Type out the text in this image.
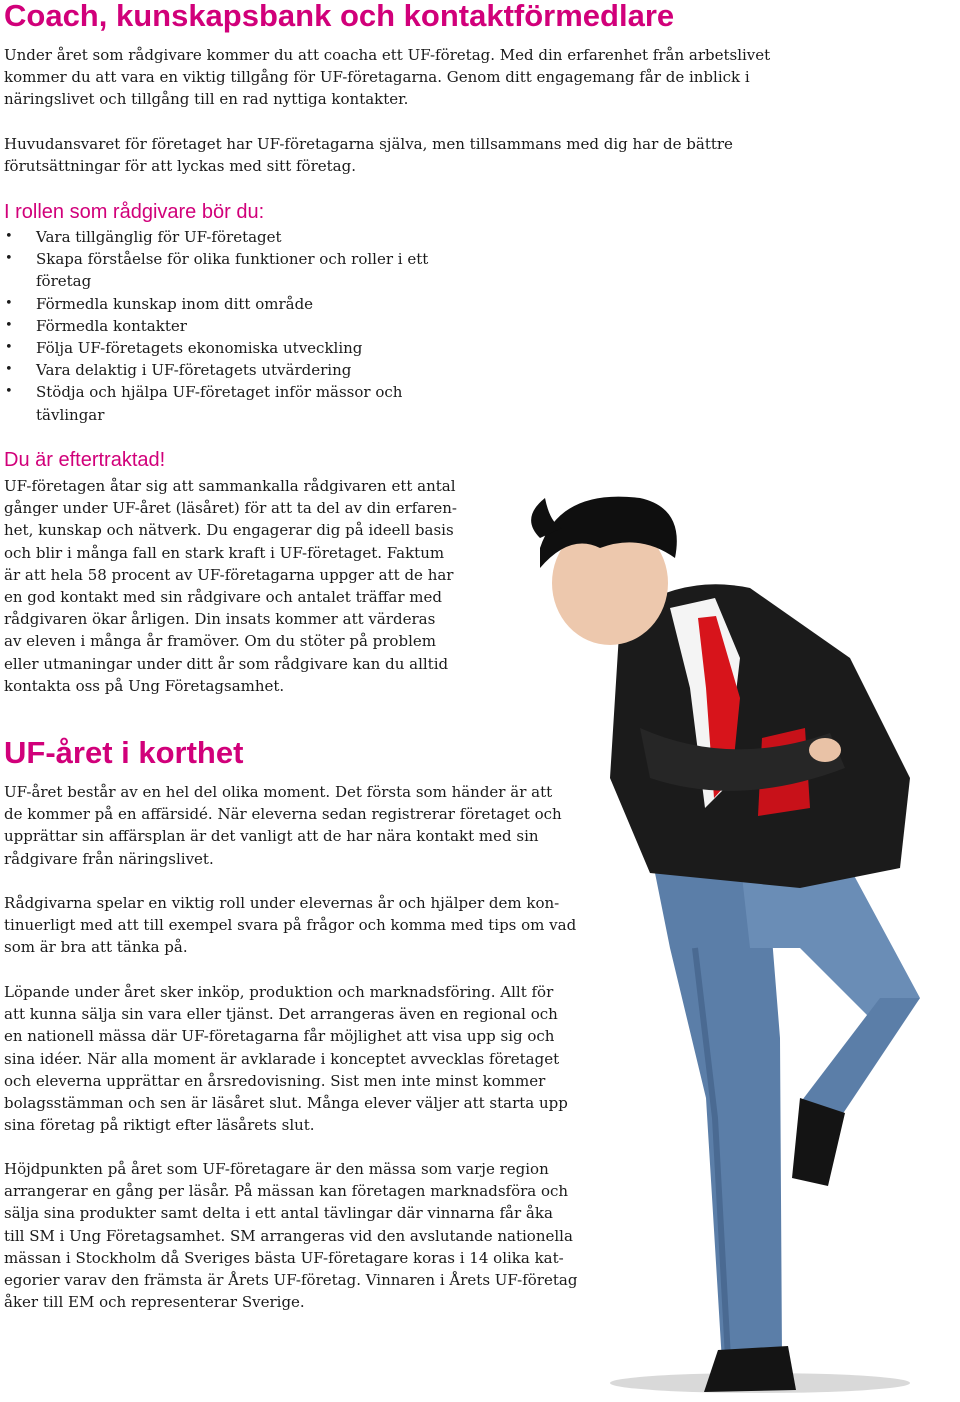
Coach, kunskapsbank och kontaktförmedlare
Under året som rådgivare kommer du att coacha ett UF-företag. Med din erfarenhet från arbetslivet
kommer du att vara en viktig tillgång för UF-företagarna. Genom ditt engagemang får de inblick i
näringslivet och tillgång till en rad nyttiga kontakter.
Huvudansvaret för företaget har UF-företagarna själva, men tillsammans med dig har de bättre
förutsättningar för att lyckas med sitt företag.
I rollen som rådgivare bör du:
• Vara tillgänglig för UF-företaget
• Skapa förståelse för olika funktioner och roller i ett företag
• Förmedla kunskap inom ditt område
• Förmedla kontakter
• Följa UF-företagets ekonomiska utveckling
• Vara delaktig i UF-företagets utvärdering
• Stödja och hjälpa UF-företaget inför mässor och tävlingar
Du är eftertraktad!
UF-företagen åtar sig att sammankalla rådgivaren ett antal
gånger under UF-året (läsåret) för att ta del av din erfaren-
het, kunskap och nätverk. Du engagerar dig på ideell basis
och blir i många fall en stark kraft i UF-företaget. Faktum
är att hela 58 procent av UF-företagarna uppger att de har
en god kontakt med sin rådgivare och antalet träffar med
rådgivaren ökar årligen. Din insats kommer att värderas
av eleven i många år framöver. Om du stöter på problem
eller utmaningar under ditt år som rådgivare kan du alltid
kontakta oss på Ung Företagsamhet.
UF-året i korthet
UF-året består av en hel del olika moment. Det första som händer är att
de kommer på en affärsidé. När eleverna sedan registrerar företaget och
upprättar sin affärsplan är det vanligt att de har nära kontakt med sin
rådgivare från näringslivet.
Rådgivarna spelar en viktig roll under elevernas år och hjälper dem kon-
tinuerligt med att till exempel svara på frågor och komma med tips om vad
som är bra att tänka på.
Löpande under året sker inköp, produktion och marknadsföring. Allt för
att kunna sälja sin vara eller tjänst. Det arrangeras även en regional och
en nationell mässa där UF-företagarna får möjlighet att visa upp sig och
sina idéer. När alla moment är avklarade i konceptet avvecklas företaget
och eleverna upprättar en årsredovisning. Sist men inte minst kommer
bolagsstämman och sen är läsåret slut. Många elever väljer att starta upp
sina företag på riktigt efter läsårets slut.
Höjdpunkten på året som UF-företagare är den mässa som varje region
arrangerar en gång per läsår. På mässan kan företagen marknadsföra och
sälja sina produkter samt delta i ett antal tävlingar där vinnarna får åka
till SM i Ung Företagsamhet. SM arrangeras vid den avslutande nationella
mässan i Stockholm då Sveriges bästa UF-företagare koras i 14 olika kat-
egorier varav den främsta är Årets UF-företag. Vinnaren i Årets UF-företag
åker till EM och representerar Sverige.
